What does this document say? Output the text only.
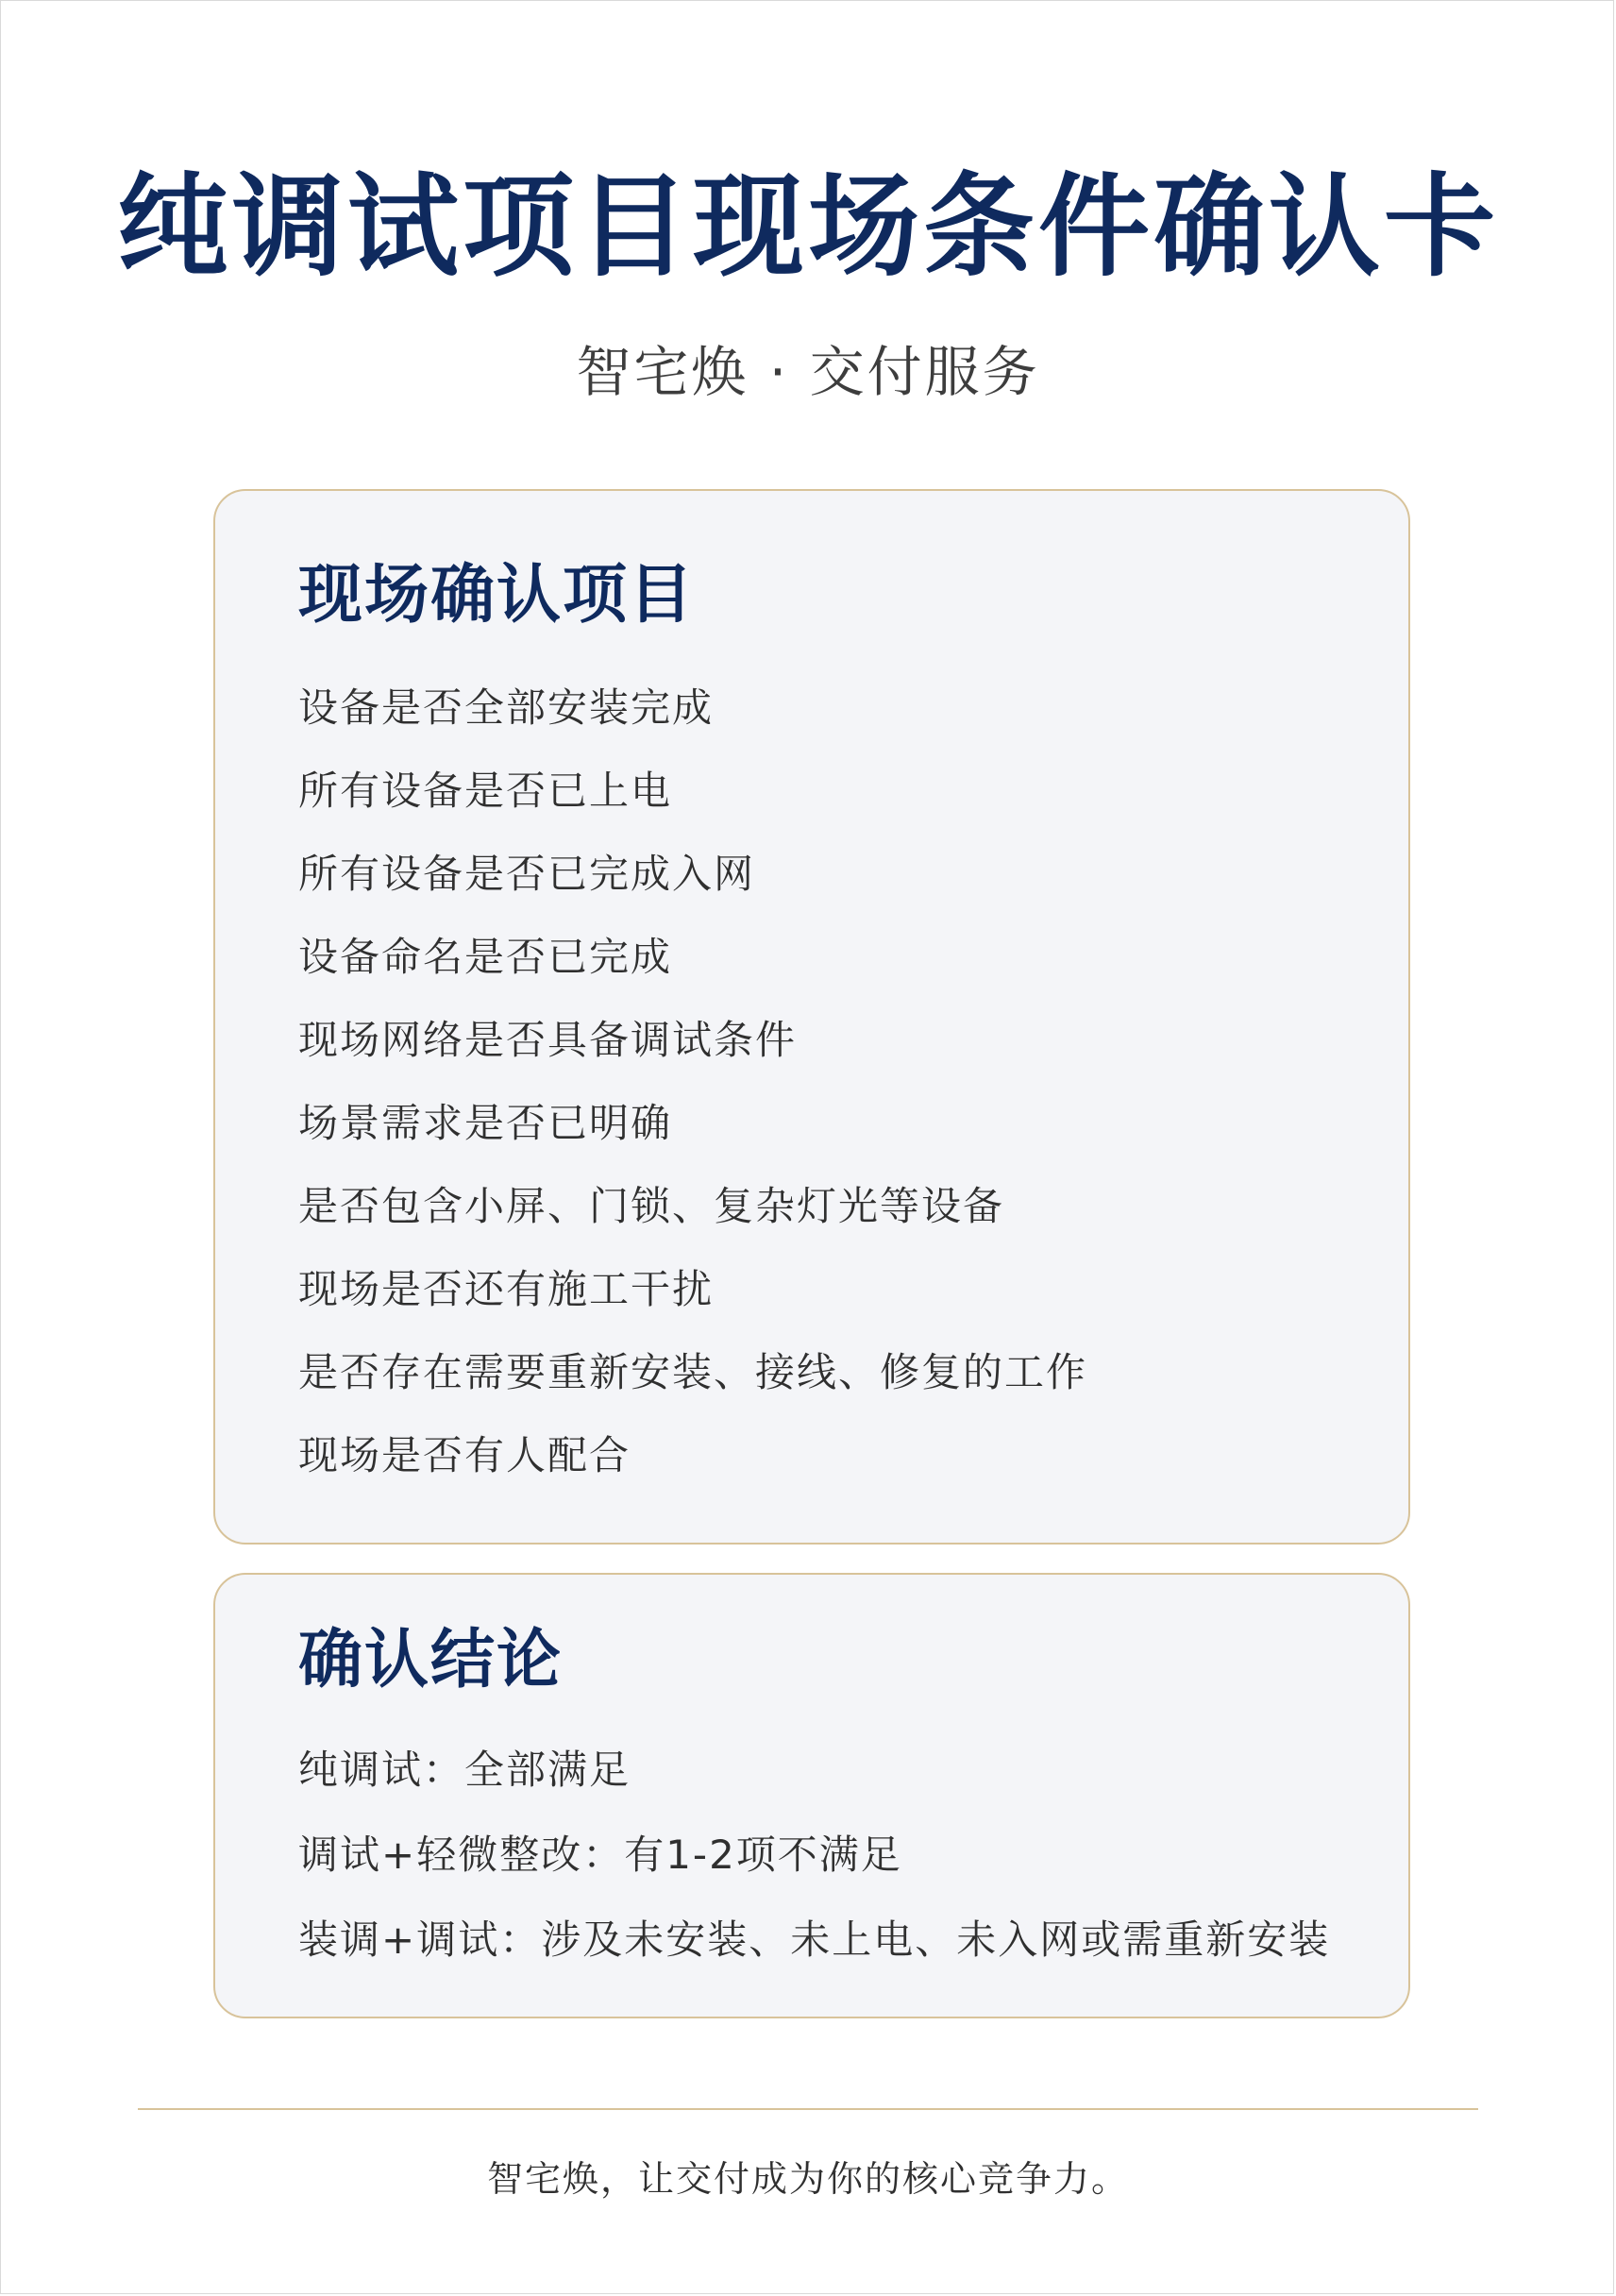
纯调试项目现场条件确认卡
智宅焕 · 交付服务
现场确认项目
设备是否全部安装完成
所有设备是否已上电
所有设备是否已完成入网
设备命名是否已完成
现场网络是否具备调试条件
场景需求是否已明确
是否包含小屏、门锁、复杂灯光等设备
现场是否还有施工干扰
是否存在需要重新安装、接线、修复的工作
现场是否有人配合
确认结论
纯调试：全部满足
调试+轻微整改：有1-2项不满足
装调+调试：涉及未安装、未上电、未入网或需重新安装
智宅焕，让交付成为你的核心竞争力。
